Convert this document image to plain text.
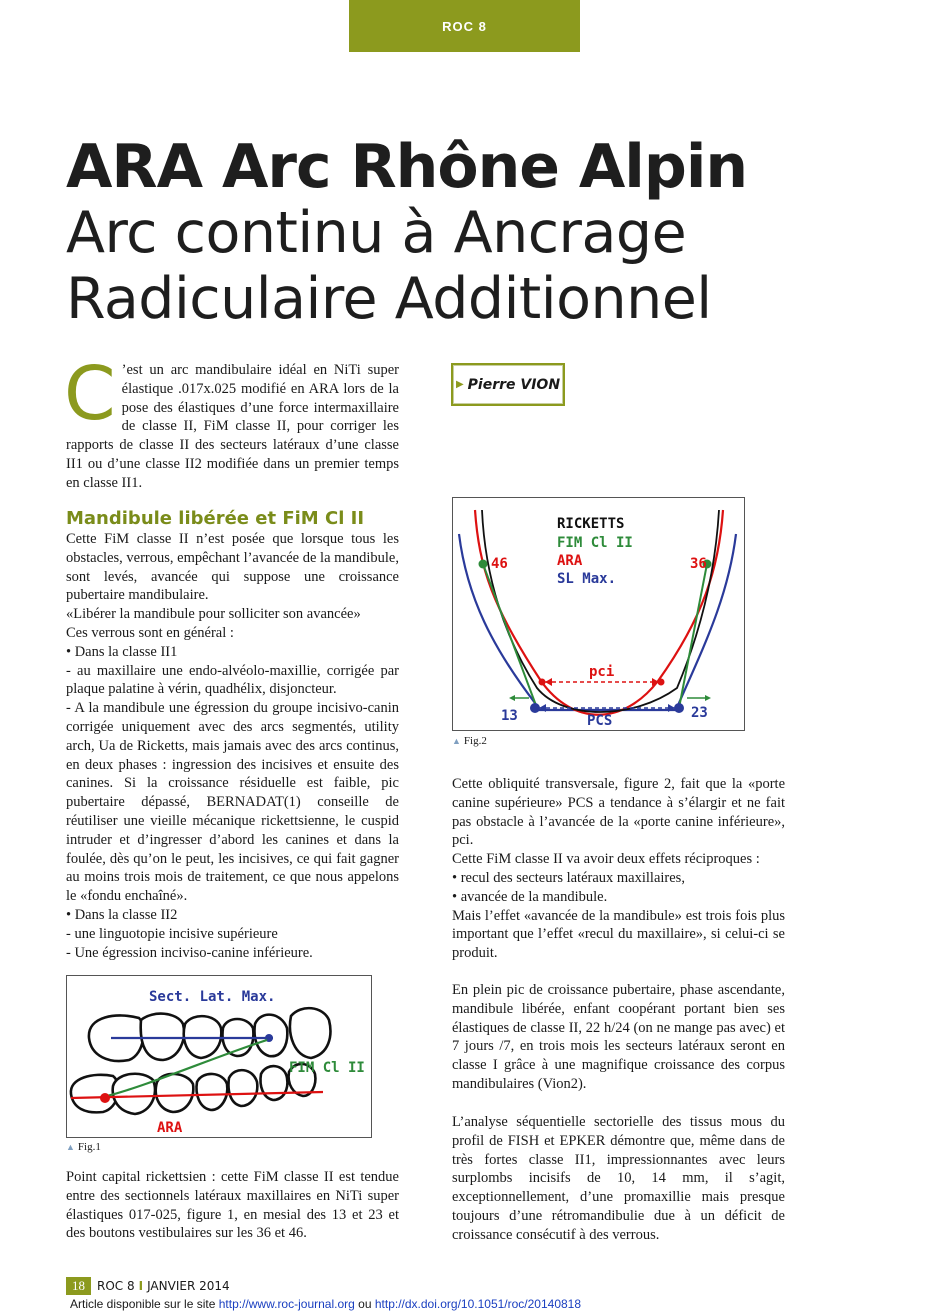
ROC 8
ARA Arc Rhône Alpin
Arc continu à Ancrage
Radiculaire Additionnel
C ’est un arc mandibulaire idéal en NiTi super élastique .017x.025 modifié en ARA lors de la pose des élastiques d’une force intermaxillaire de classe II, FiM classe II, pour corriger les rapports de classe II des secteurs latéraux d’une classe II1 ou d’une classe II2 modifiée dans un premier temps en classe II1.
▶ Pierre VION
Mandibule libérée et FiM Cl II

Cette FiM classe II n’est posée que lorsque tous les obstacles, verrous, empêchant l’avancée de la mandibule, sont levés, avancée qui suppose une croissance pubertaire mandibulaire.

«Libérer la mandibule pour solliciter son avancée»

Ces verrous sont en général :

• Dans la classe II1

- au maxillaire une endo-alvéolo-maxillie, corrigée par plaque palatine à vérin, quadhélix, disjoncteur.

- A la mandibule une égression du groupe incisivo-canin corrigée uniquement avec des arcs segmentés, utility arch, Ua de Ricketts, mais jamais avec des arcs continus, en deux phases : ingression des incisives et ensuite des canines. Si la croissance résiduelle est faible, pic pubertaire dépassé, BERNADAT(1) conseille de réutiliser une vieille mécanique rickettsienne, le cuspid intruder et d’ingresser d’abord les canines et dans la foulée, dès qu’on le peut, les incisives, ce qui fait gagner au moins trois mois de traitement, ce que nous appelons le «fondu enchaîné».

• Dans la classe II2

- une linguotopie incisive supérieure

- Une égression inciviso-canine inférieure.

RICKETTS
FIM Cl II
ARA
SL Max.
46	36
13	23
pci
PCS
▲ Fig.2
Sect. Lat. Max.
FIM Cl II
ARA
▲ Fig.1
Point capital rickettsien : cette FiM classe II est tendue entre des sectionnels latéraux maxillaires en NiTi super élastiques 017-025, figure 1, en mesial des 13 et 23 et des boutons vestibulaires sur les 36 et 46.

Cette obliquité transversale, figure 2, fait que la «porte canine supérieure» PCS a tendance à s’élargir et ne fait pas obstacle à l’avancée de la «porte canine inférieure», pci.

Cette FiM classe II va avoir deux effets réciproques :

• recul des secteurs latéraux maxillaires,

• avancée de la mandibule.

Mais l’effet «avancée de la mandibule» est trois fois plus important que l’effet «recul du maxillaire», si celui-ci se produit.

En plein pic de croissance pubertaire, phase ascendante, mandibule libérée, enfant coopérant portant bien ses élastiques de classe II, 22 h/24 (on ne mange pas avec) et 7 jours /7, en trois mois les secteurs latéraux seront en classe I grâce à une magnifique croissance des corpus mandibulaires (Vion2).
L’analyse séquentielle sectorielle des tissus mous du profil de FISH et EPKER démontre que, même dans de très fortes classe II1, impressionnantes avec leurs surplombs incisifs de 10, 14 mm, il s’agit, exceptionnellement, d’une promaxillie mais presque toujours d’une rétromandibulie due à un déficit de croissance consécutif à des verrous.
18	ROC 8 I JANVIER 2014
Article disponible sur le site http://www.roc-journal.org ou http://dx.doi.org/10.1051/roc/20140818
